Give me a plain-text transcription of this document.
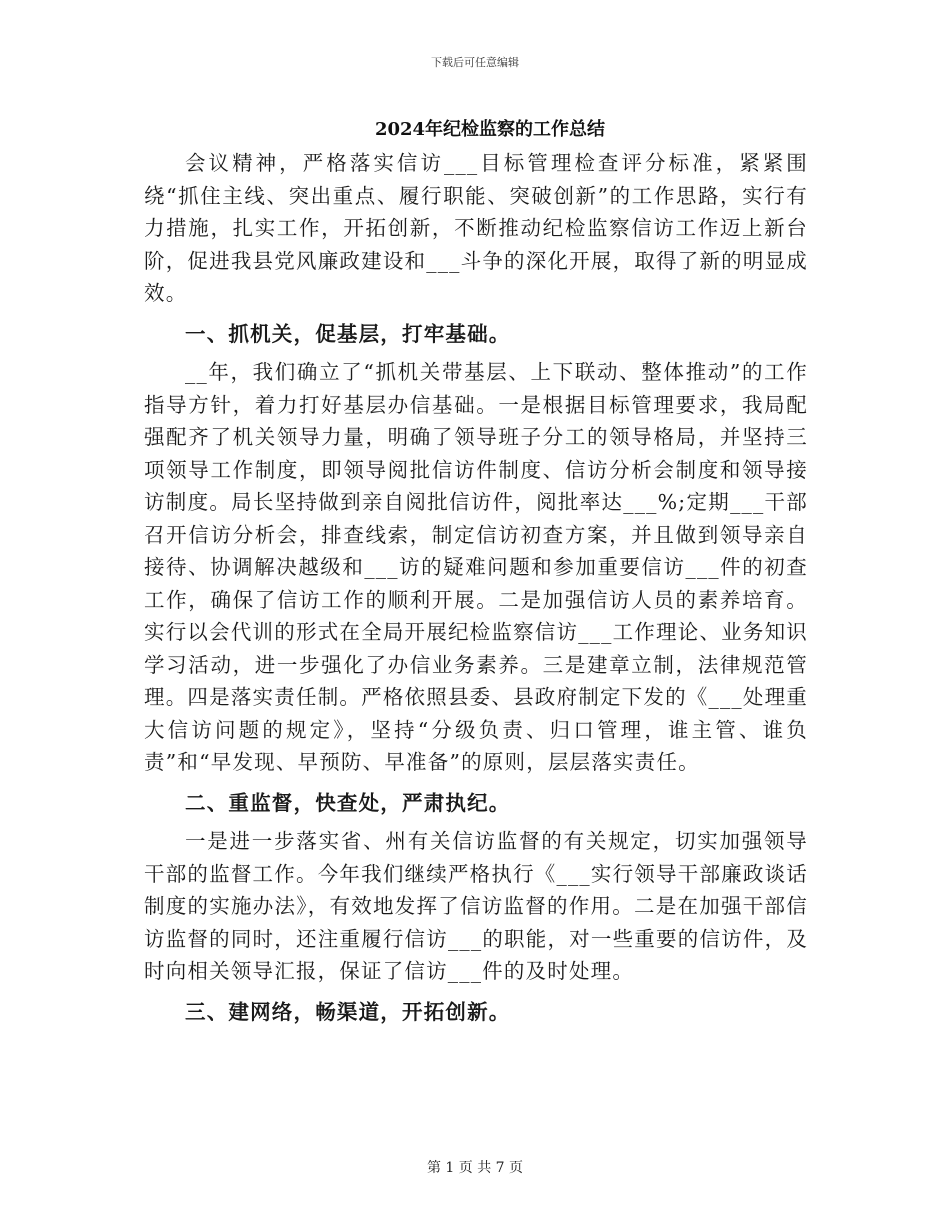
下载后可任意编辑
2024年纪检监察的工作总结

会议精神，严格落实信访___目标管理检查评分标准，紧紧围绕“抓住主线、突出重点、履行职能、突破创新”的工作思路，实行有力措施，扎实工作，开拓创新，不断推动纪检监察信访工作迈上新台阶，促进我县党风廉政建设和___斗争的深化开展，取得了新的明显成效。

一、抓机关，促基层，打牢基础。

__年，我们确立了“抓机关带基层、上下联动、整体推动”的工作指导方针，着力打好基层办信基础。一是根据目标管理要求，我局配强配齐了机关领导力量，明确了领导班子分工的领导格局，并坚持三项领导工作制度，即领导阅批信访件制度、信访分析会制度和领导接访制度。局长坚持做到亲自阅批信访件，阅批率达___%;定期___干部召开信访分析会，排查线索，制定信访初查方案，并且做到领导亲自接待、协调解决越级和___访的疑难问题和参加重要信访___件的初查工作，确保了信访工作的顺利开展。二是加强信访人员的素养培育。实行以会代训的形式在全局开展纪检监察信访___工作理论、业务知识学习活动，进一步强化了办信业务素养。三是建章立制，法律规范管理。四是落实责任制。严格依照县委、县政府制定下发的《___处理重大信访问题的规定》，坚持“分级负责、归口管理，谁主管、谁负责”和“早发现、早预防、早准备”的原则，层层落实责任。

二、重监督，快查处，严肃执纪。

一是进一步落实省、州有关信访监督的有关规定，切实加强领导干部的监督工作。今年我们继续严格执行《___实行领导干部廉政谈话制度的实施办法》，有效地发挥了信访监督的作用。二是在加强干部信访监督的同时，还注重履行信访___的职能，对一些重要的信访件，及时向相关领导汇报，保证了信访___件的及时处理。

三、建网络，畅渠道，开拓创新。

第 1 页 共 7 页
